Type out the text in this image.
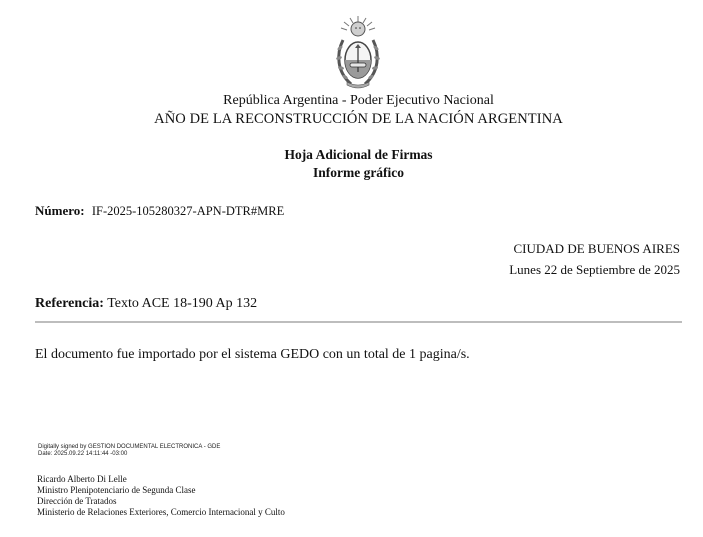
República Argentina - Poder Ejecutivo Nacional
AÑO DE LA RECONSTRUCCIÓN DE LA NACIÓN ARGENTINA
Hoja Adicional de Firmas
Informe gráfico
Número: IF-2025-105280327-APN-DTR#MRE
CIUDAD DE BUENOS AIRES
Lunes 22 de Septiembre de 2025
Referencia: Texto ACE 18-190 Ap 132
El documento fue importado por el sistema GEDO con un total de 1 pagina/s.
Digitally signed by GESTION DOCUMENTAL ELECTRONICA - GDE
Date: 2025.09.22 14:11:44 -03:00
Ricardo Alberto Di Lelle
Ministro Plenipotenciario de Segunda Clase
Dirección de Tratados
Ministerio de Relaciones Exteriores, Comercio Internacional y Culto
